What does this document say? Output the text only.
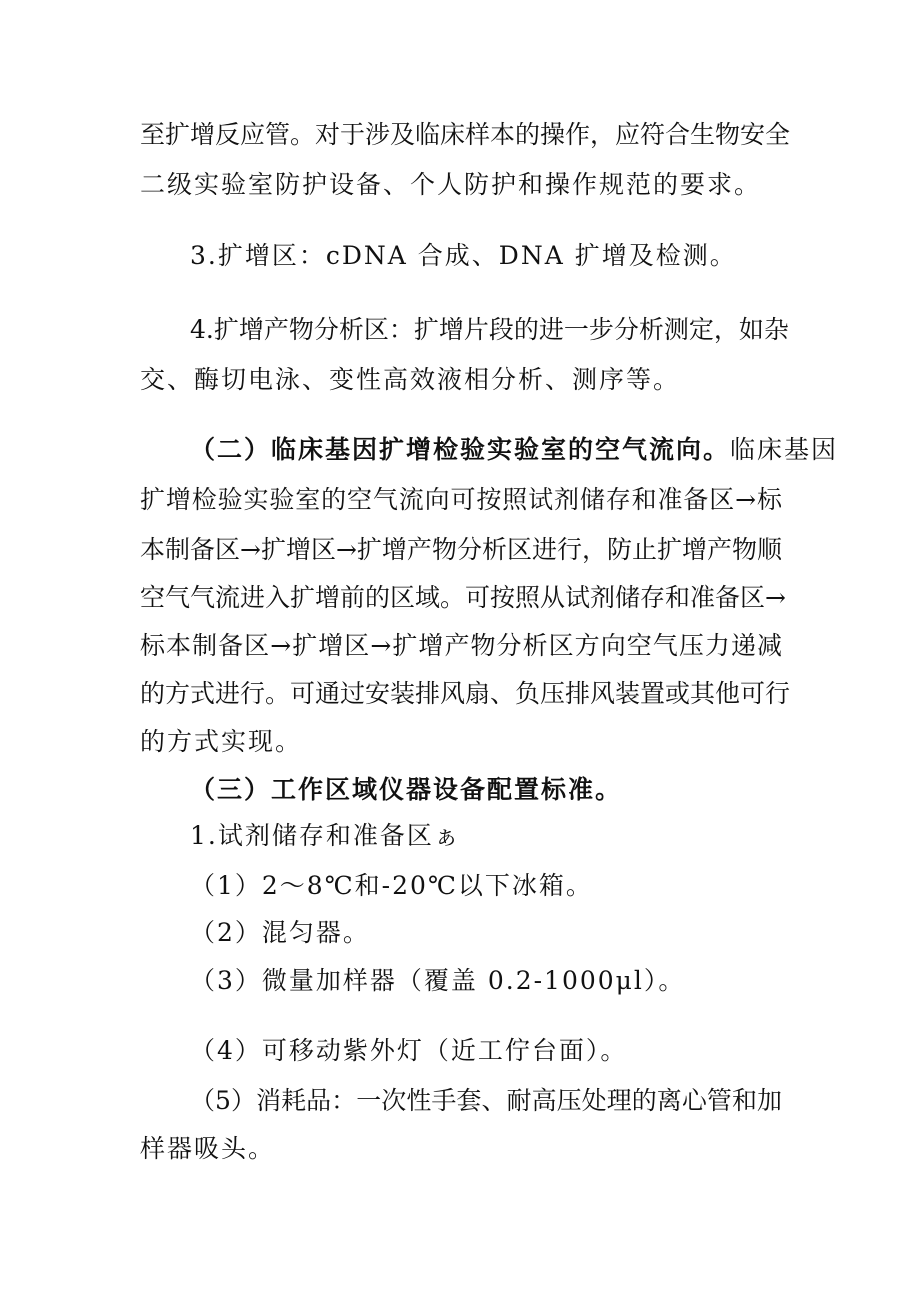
至扩增反应管。对于涉及临床样本的操作，应符合生物安全
二级实验室防护设备、个人防护和操作规范的要求。
3.扩增区：cDNA 合成、DNA 扩增及检测。
4.扩增产物分析区：扩增片段的进一步分析测定，如杂
交、酶切电泳、变性高效液相分析、测序等。
（二）临床基因扩增检验实验室的空气流向。临床基因
扩增检验实验室的空气流向可按照试剂储存和准备区→标
本制备区→扩增区→扩增产物分析区进行，防止扩增产物顺
空气气流进入扩增前的区域。可按照从试剂储存和准备区→
标本制备区→扩增区→扩增产物分析区方向空气压力递减
的方式进行。可通过安装排风扇、负压排风装置或其他可行
的方式实现。
（三）工作区域仪器设备配置标准。
1.试剂储存和准备区ぁ
（1）2～8℃和-20℃以下冰箱。
（2）混匀器。
（3）微量加样器（覆盖 0.2-1000μl）。
（4）可移动紫外灯（近工佇台面）。
（5）消耗品：一次性手套、耐高压处理的离心管和加
样器吸头。
